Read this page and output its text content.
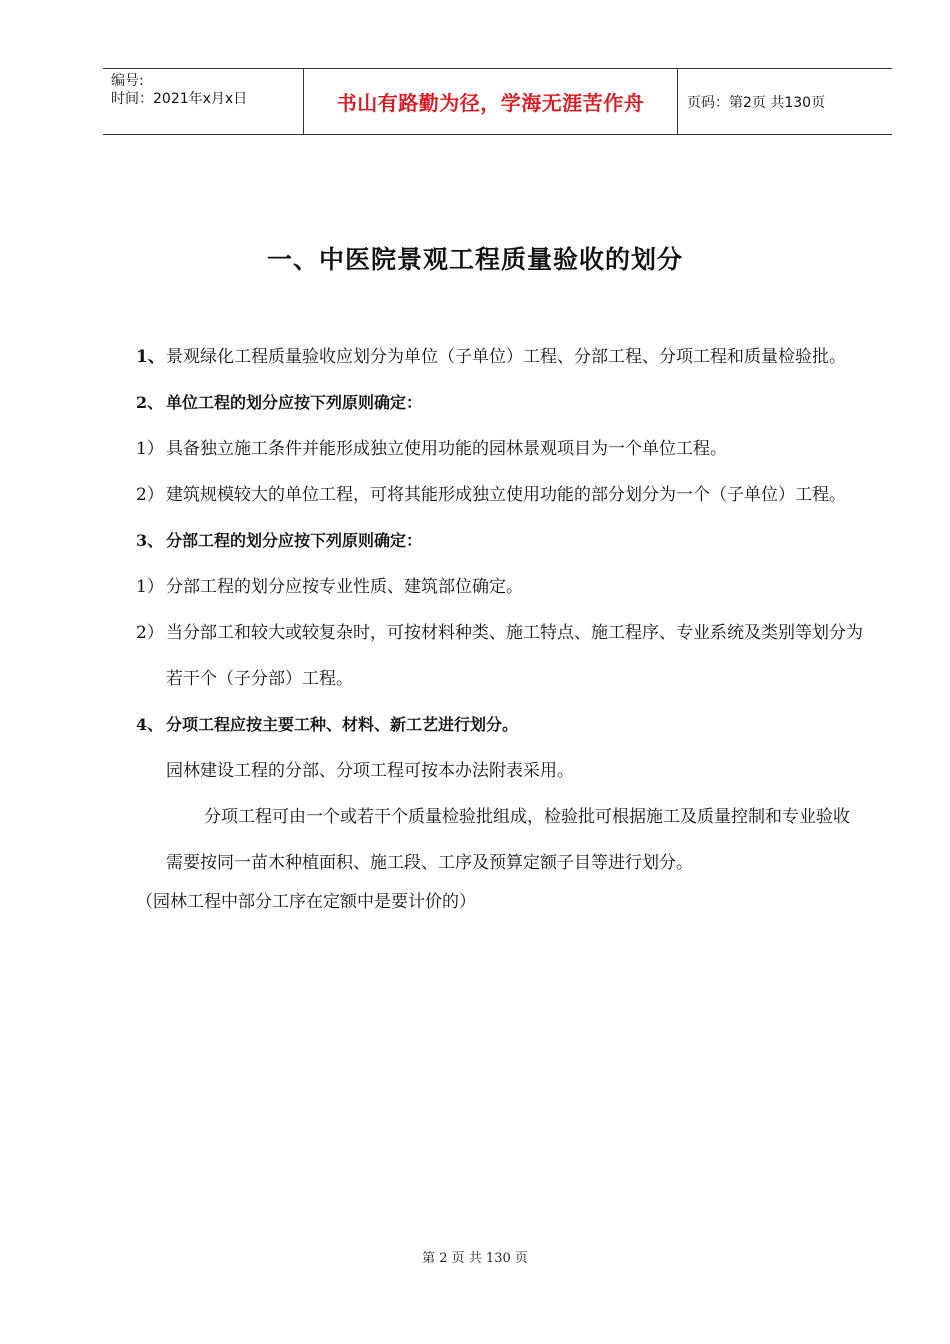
编号:
时间：2021年x月x日	书山有路勤为径，学海无涯苦作舟	页码：第2页 共130页
一、中医院景观工程质量验收的划分

1、景观绿化工程质量验收应划分为单位（子单位）工程、分部工程、分项工程和质量检验批。

2、 单位工程的划分应按下列原则确定：

1） 具备独立施工条件并能形成独立使用功能的园林景观项目为一个单位工程。

2） 建筑规模较大的单位工程，可将其能形成独立使用功能的部分划分为一个（子单位）工程。

3、 分部工程的划分应按下列原则确定：

1） 分部工程的划分应按专业性质、建筑部位确定。

2） 当分部工和较大或较复杂时，可按材料种类、施工特点、施工程序、专业系统及类别等划分为若干个（子分部）工程。

4、 分项工程应按主要工种、材料、新工艺进行划分。

园林建设工程的分部、分项工程可按本办法附表采用。

分项工程可由一个或若干个质量检验批组成，检验批可根据施工及质量控制和专业验收需要按同一苗木种植面积、施工段、工序及预算定额子目等进行划分。

（园林工程中部分工序在定额中是要计价的）

第 2 页 共 130 页
